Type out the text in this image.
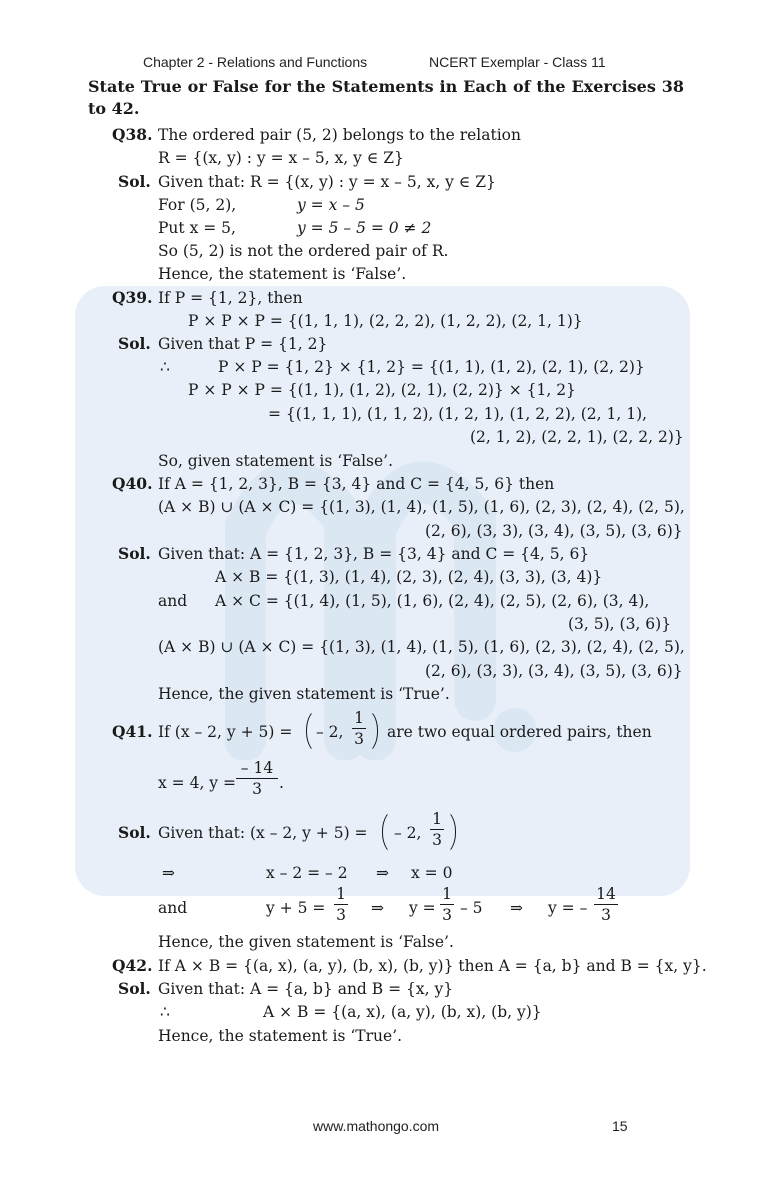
Chapter 2 - Relations and Functions	NCERT Exemplar - Class 11
State True or False for the Statements in Each of the Exercises 38 to 42.
Q38. The ordered pair (5, 2) belongs to the relation
R = {(x, y) : y = x – 5, x, y ∈ Z}
Sol. Given that: R = {(x, y) : y = x – 5, x, y ∈ Z}
For (5, 2),	y = x – 5
Put x = 5,	y = 5 – 5 = 0 ≠ 2
So (5, 2) is not the ordered pair of R.
Hence, the statement is ‘False’.
Q39. If P = {1, 2}, then
P × P × P = {(1, 1, 1), (2, 2, 2), (1, 2, 2), (2, 1, 1)}
Sol. Given that P = {1, 2}
∴	P × P = {1, 2} × {1, 2} = {(1, 1), (1, 2), (2, 1), (2, 2)}
P × P × P = {(1, 1), (1, 2), (2, 1), (2, 2)} × {1, 2}
= {(1, 1, 1), (1, 1, 2), (1, 2, 1), (1, 2, 2), (2, 1, 1),
(2, 1, 2), (2, 2, 1), (2, 2, 2)}
So, given statement is ‘False’.
Q40. If A = {1, 2, 3}, B = {3, 4} and C = {4, 5, 6} then
(A × B) ∪ (A × C) = {(1, 3), (1, 4), (1, 5), (1, 6), (2, 3), (2, 4), (2, 5),
(2, 6), (3, 3), (3, 4), (3, 5), (3, 6)}
Sol. Given that: A = {1, 2, 3}, B = {3, 4} and C = {4, 5, 6}
A × B = {(1, 3), (1, 4), (2, 3), (2, 4), (3, 3), (3, 4)}
and A × C = {(1, 4), (1, 5), (1, 6), (2, 4), (2, 5), (2, 6), (3, 4),
(3, 5), (3, 6)}
(A × B) ∪ (A × C) = {(1, 3), (1, 4), (1, 5), (1, 6), (2, 3), (2, 4), (2, 5),
(2, 6), (3, 3), (3, 4), (3, 5), (3, 6)}
Hence, the given statement is ‘True’.
Q41. If (x – 2, y + 5) = – 2, $\frac{1}{3}$ are two equal ordered pairs, then
x = 4, $y = \frac{- 14}{3}$ .
Sol. Given that: (x – 2, y + 5) = – 2, $\frac{1}{3}$
⇒	x – 2 = – 2 ⇒ x = 0
and	$y + 5 = \frac{1}{3}$ ⇒ $y = \frac{1}{3} - 5$ ⇒ y = – $\frac{14}{3}$
Hence, the given statement is ‘False’.
Q42. If A × B = {(a, x), (a, y), (b, x), (b, y)} then A = {a, b} and B = {x, y}.
Sol. Given that: A = {a, b} and B = {x, y}
∴	A × B = {(a, x), (a, y), (b, x), (b, y)}
Hence, the statement is ‘True’.
www.mathongo.com	15
